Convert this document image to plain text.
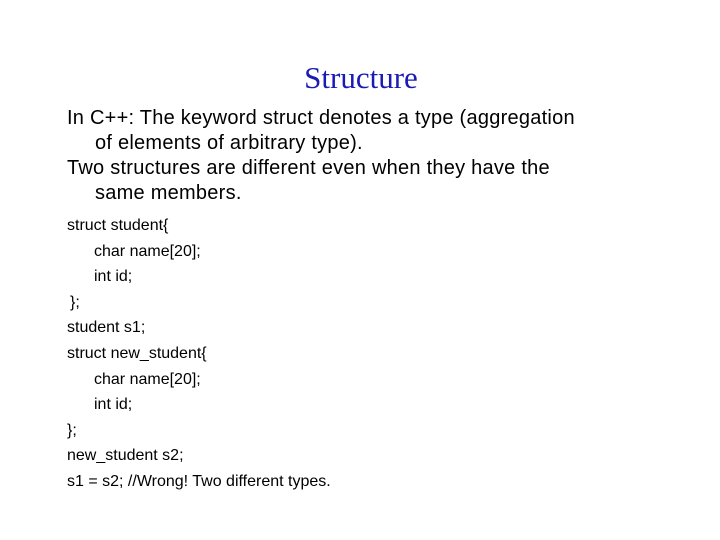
Structure

In C++: The keyword struct denotes a type (aggregation

of elements of arbitrary type).

Two structures are different even when they have the

same members.

struct student{

char name[20];

int id;

};

student s1;

struct new_student{

char name[20];

int id;

};

new_student s2;

s1 = s2; //Wrong! Two different types.
